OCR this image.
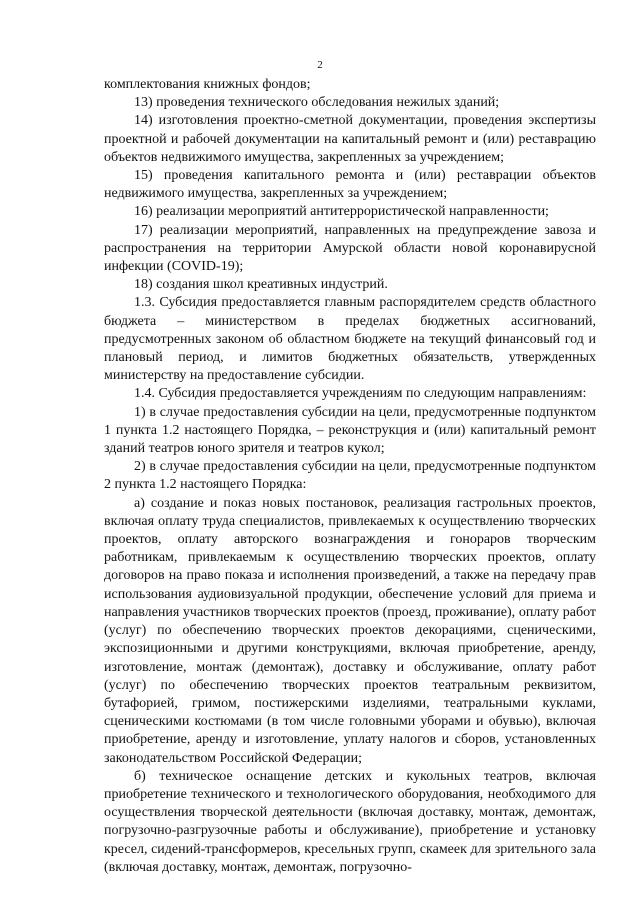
2

комплектования книжных фондов;

13) проведения технического обследования нежилых зданий;

14) изготовления проектно-сметной документации, проведения экспертизы проектной и рабочей документации на капитальный ремонт и (или) реставрацию объектов недвижимого имущества, закрепленных за учреждением;

15) проведения капитального ремонта и (или) реставрации объектов недвижимого имущества, закрепленных за учреждением;

16) реализации мероприятий антитеррористической направленности;

17) реализации мероприятий, направленных на предупреждение завоза и распространения на территории Амурской области новой коронавирусной инфекции (COVID-19);

18) создания школ креативных индустрий.

1.3. Субсидия предоставляется главным распорядителем средств областного бюджета – министерством в пределах бюджетных ассигнований, предусмотренных законом об областном бюджете на текущий финансовый год и плановый период, и лимитов бюджетных обязательств, утвержденных министерству на предоставление субсидии.

1.4. Субсидия предоставляется учреждениям по следующим направлениям:

1) в случае предоставления субсидии на цели, предусмотренные подпунктом 1 пункта 1.2 настоящего Порядка, – реконструкция и (или) капитальный ремонт зданий театров юного зрителя и театров кукол;

2) в случае предоставления субсидии на цели, предусмотренные подпунктом 2 пункта 1.2 настоящего Порядка:

а) создание и показ новых постановок, реализация гастрольных проектов, включая оплату труда специалистов, привлекаемых к осуществлению творческих проектов, оплату авторского вознаграждения и гонораров творческим работникам, привлекаемым к осуществлению творческих проектов, оплату договоров на право показа и исполнения произведений, а также на передачу прав использования аудиовизуальной продукции, обеспечение условий для приема и направления участников творческих проектов (проезд, проживание), оплату работ (услуг) по обеспечению творческих проектов декорациями, сценическими, экспозиционными и другими конструкциями, включая приобретение, аренду, изготовление, монтаж (демонтаж), доставку и обслуживание, оплату работ (услуг) по обеспечению творческих проектов театральным реквизитом, бутафорией, гримом, постижерскими изделиями, театральными куклами, сценическими костюмами (в том числе головными уборами и обувью), включая приобретение, аренду и изготовление, уплату налогов и сборов, установленных законодательством Российской Федерации;

б) техническое оснащение детских и кукольных театров, включая приобретение технического и технологического оборудования, необходимого для осуществления творческой деятельности (включая доставку, монтаж, демонтаж, погрузочно-разгрузочные работы и обслуживание), приобретение и установку кресел, сидений-трансформеров, кресельных групп, скамеек для зрительного зала (включая доставку, монтаж, демонтаж, погрузочно-
